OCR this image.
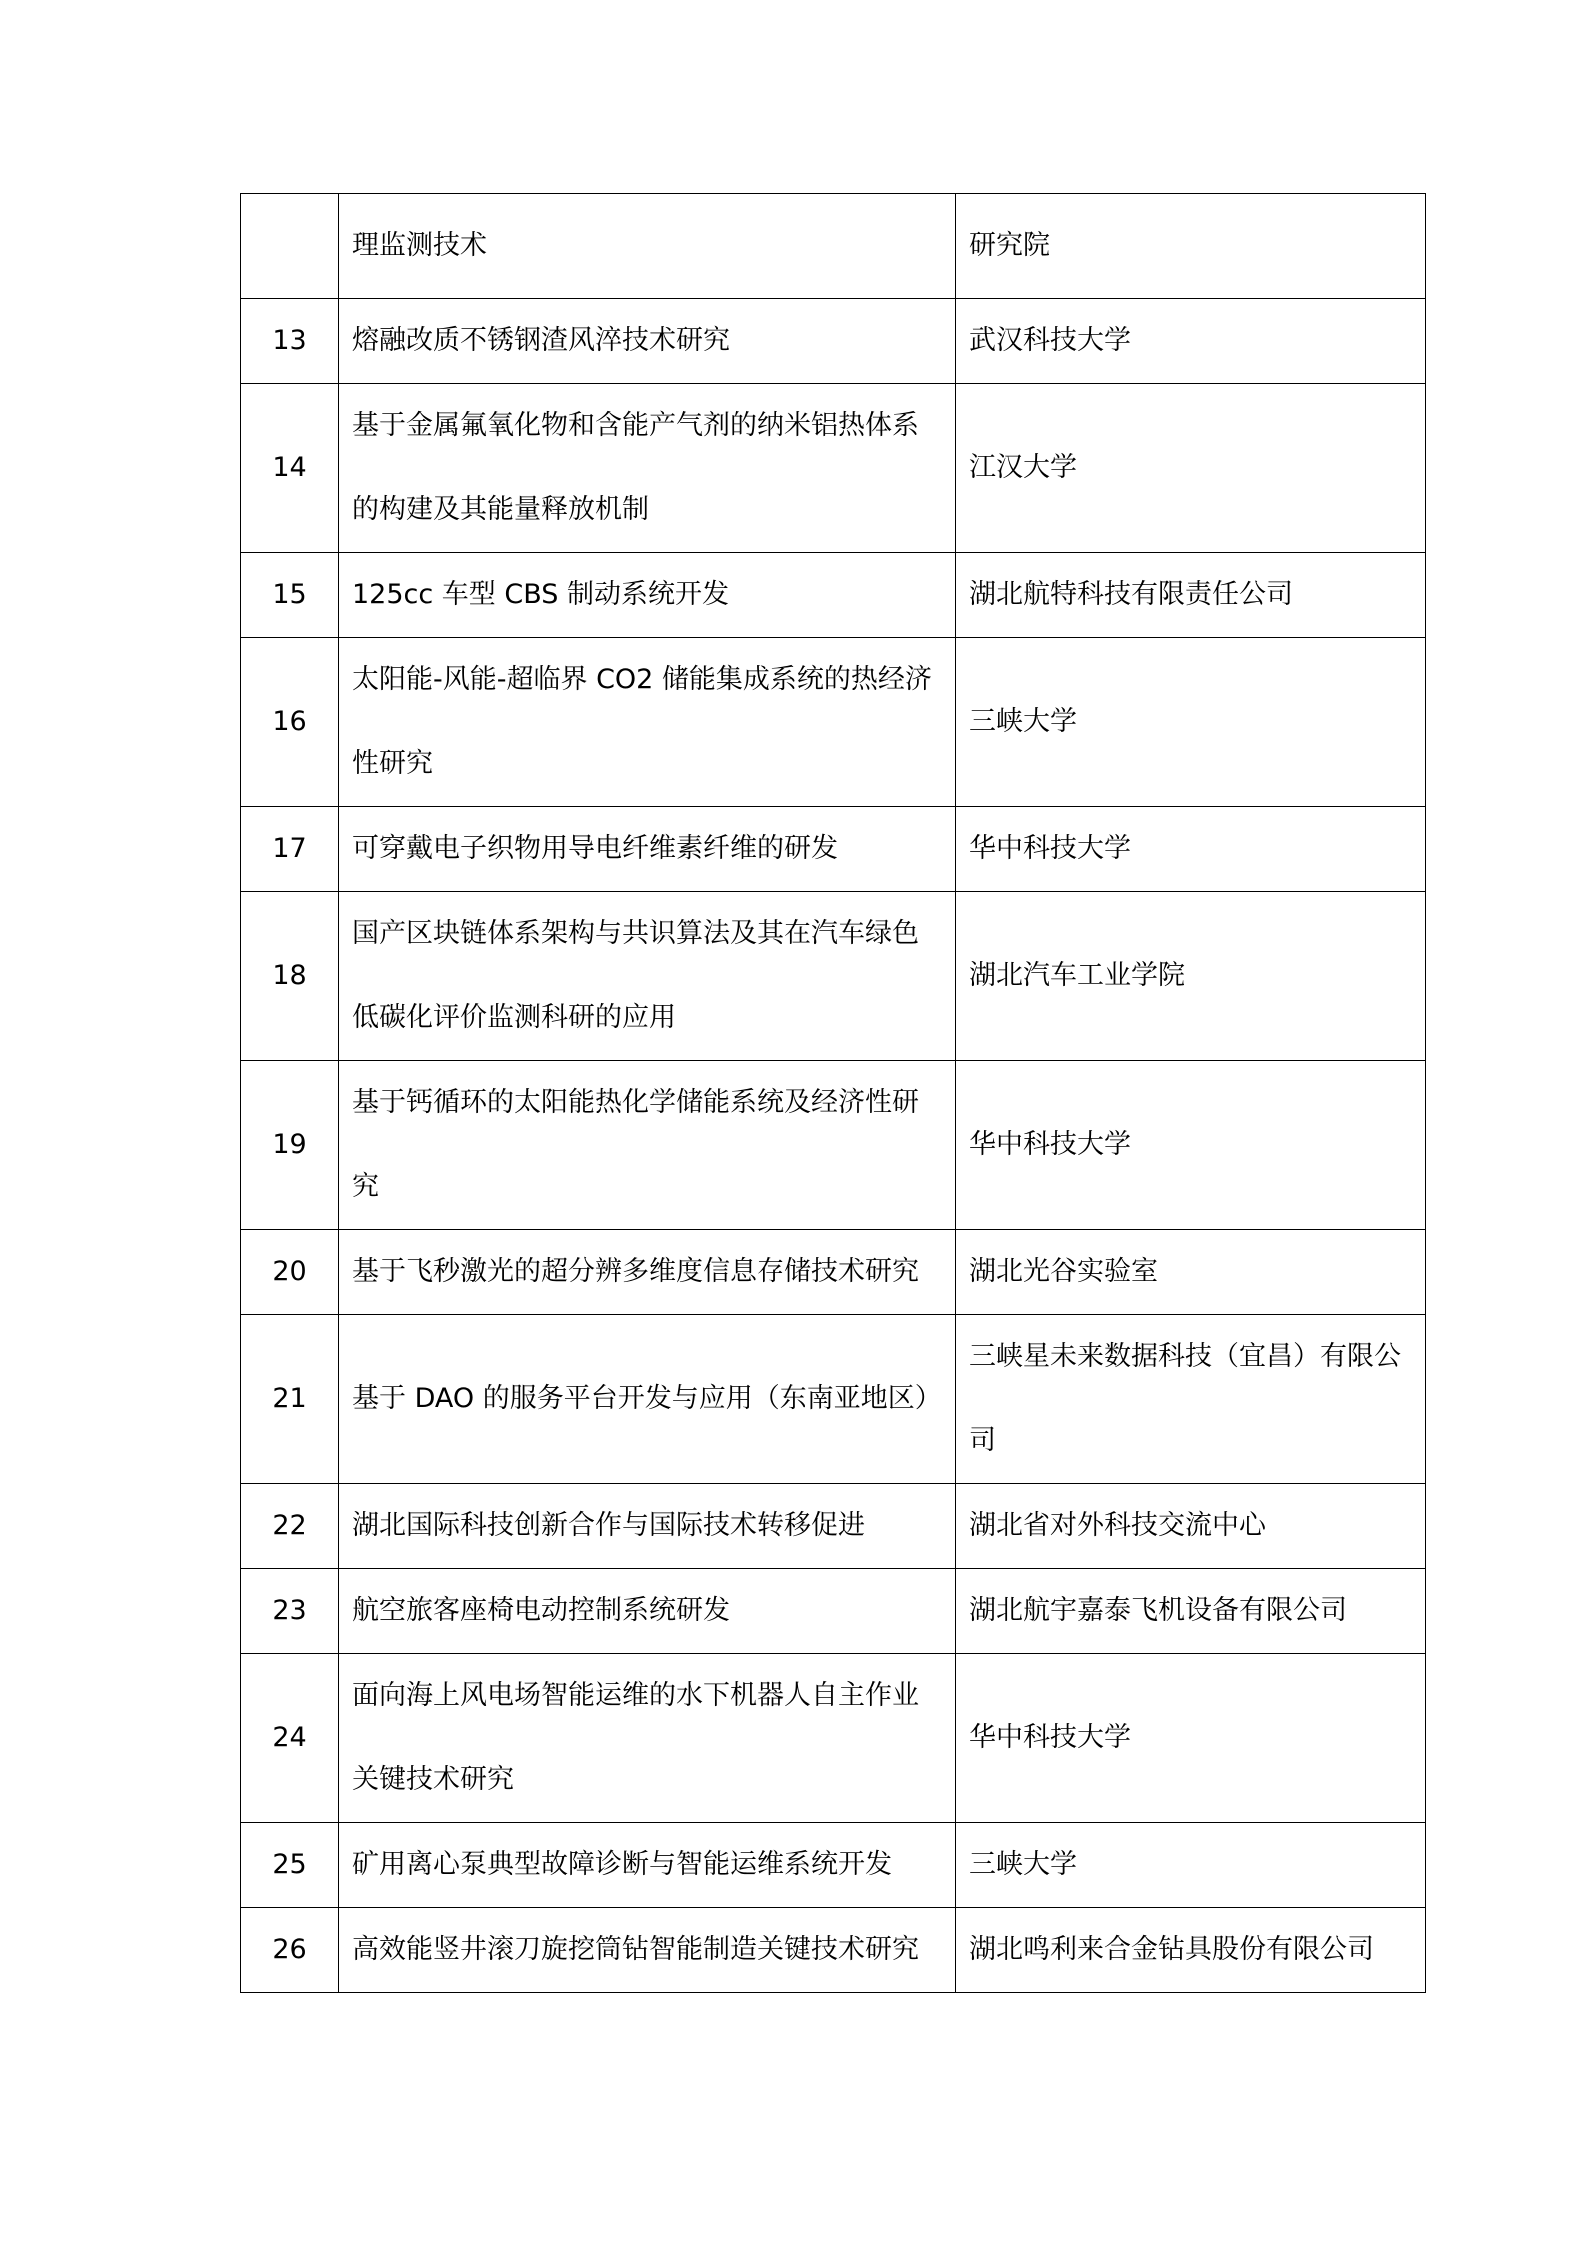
	理监测技术	研究院
13	熔融改质不锈钢渣风淬技术研究	武汉科技大学
14	基于金属氟氧化物和含能产气剂的纳米铝热体系的构建及其能量释放机制	江汉大学
15	125cc 车型 CBS 制动系统开发	湖北航特科技有限责任公司
16	太阳能-风能-超临界 CO2 储能集成系统的热经济性研究	三峡大学
17	可穿戴电子织物用导电纤维素纤维的研发	华中科技大学
18	国产区块链体系架构与共识算法及其在汽车绿色低碳化评价监测科研的应用	湖北汽车工业学院
19	基于钙循环的太阳能热化学储能系统及经济性研究	华中科技大学
20	基于飞秒激光的超分辨多维度信息存储技术研究	湖北光谷实验室
21	基于 DAO 的服务平台开发与应用（东南亚地区）	三峡星未来数据科技（宜昌）有限公司
22	湖北国际科技创新合作与国际技术转移促进	湖北省对外科技交流中心
23	航空旅客座椅电动控制系统研发	湖北航宇嘉泰飞机设备有限公司
24	面向海上风电场智能运维的水下机器人自主作业关键技术研究	华中科技大学
25	矿用离心泵典型故障诊断与智能运维系统开发	三峡大学
26	高效能竖井滚刀旋挖筒钻智能制造关键技术研究	湖北鸣利来合金钻具股份有限公司
